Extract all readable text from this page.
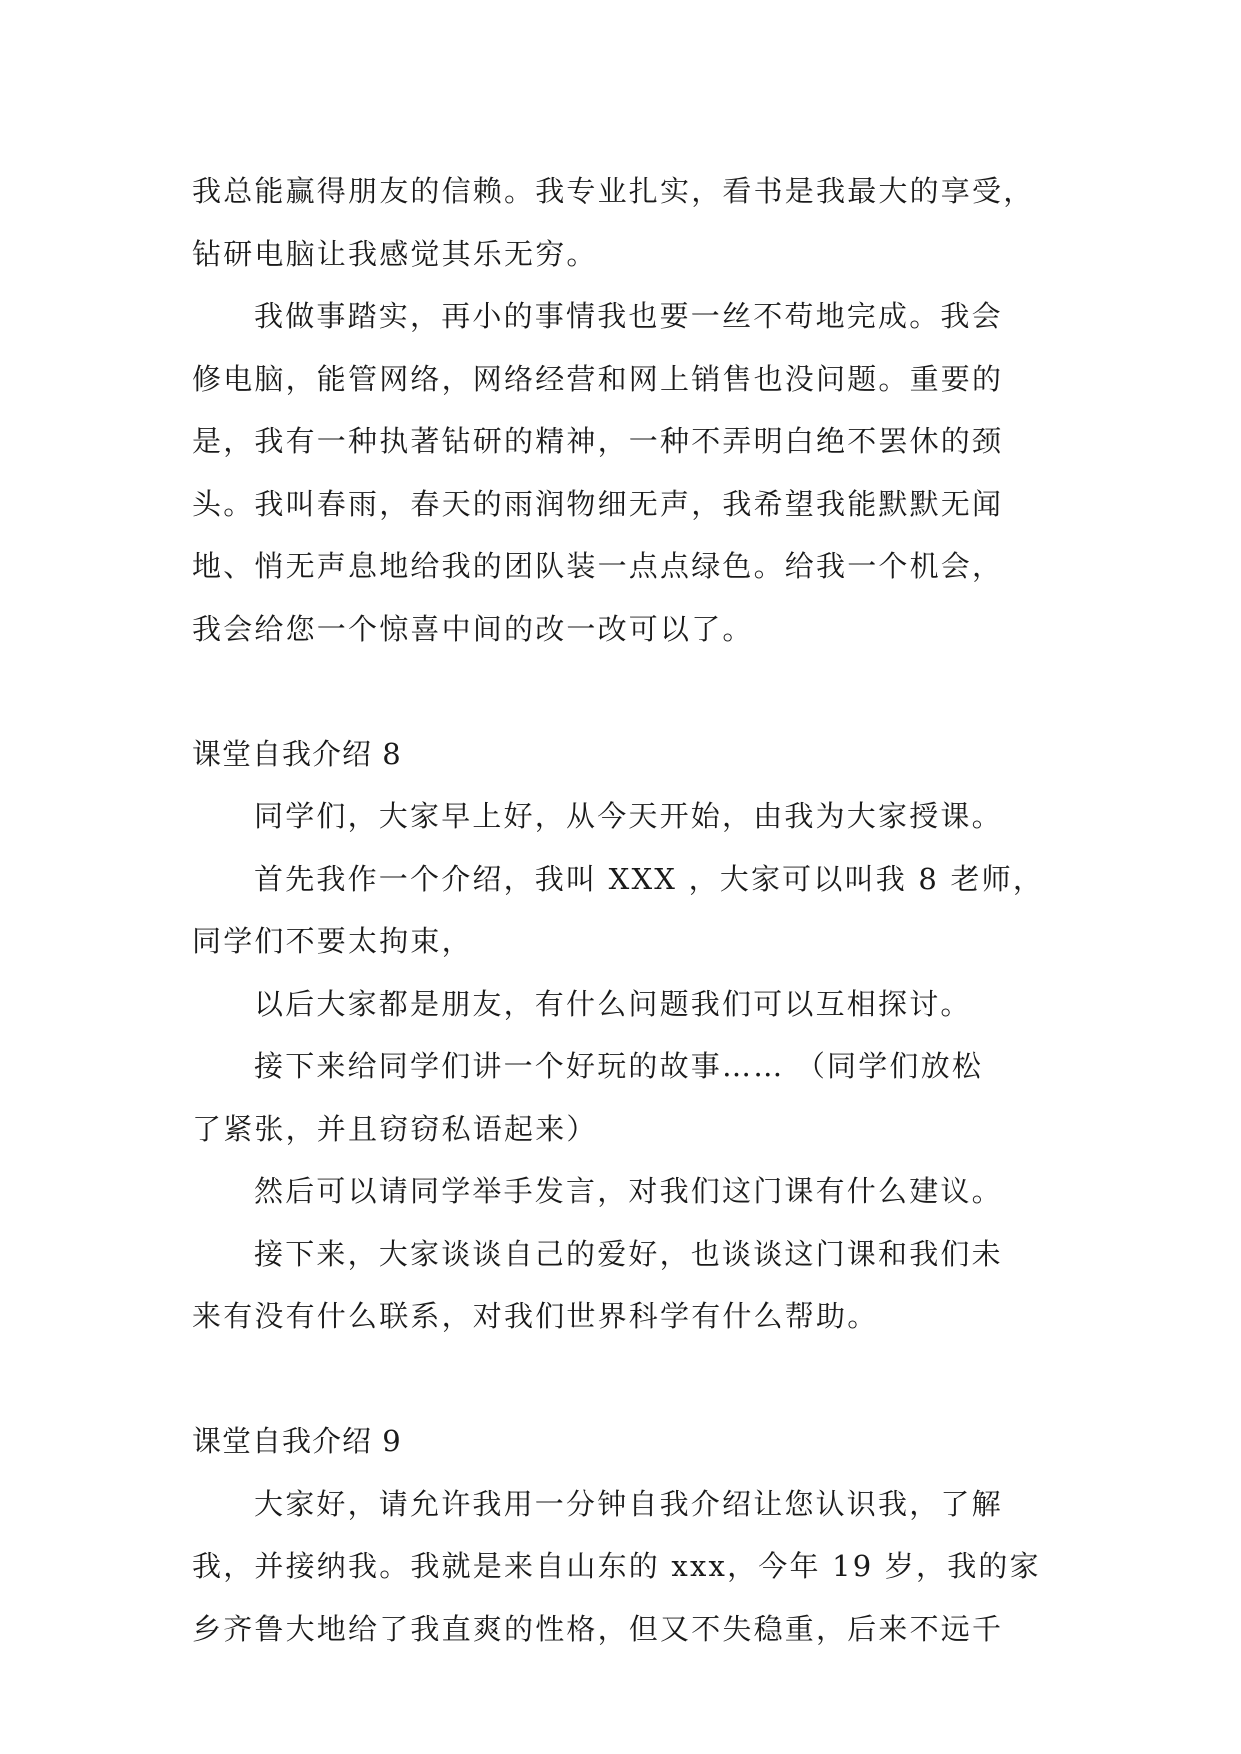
我总能赢得朋友的信赖。我专业扎实，看书是我最大的享受，

钻研电脑让我感觉其乐无穷。

我做事踏实，再小的事情我也要一丝不苟地完成。我会

修电脑，能管网络，网络经营和网上销售也没问题。重要的

是，我有一种执著钻研的精神，一种不弄明白绝不罢休的颈

头。我叫春雨，春天的雨润物细无声，我希望我能默默无闻

地、悄无声息地给我的团队装一点点绿色。给我一个机会，

我会给您一个惊喜中间的改一改可以了。

课堂自我介绍 8

同学们，大家早上好，从今天开始，由我为大家授课。

首先我作一个介绍，我叫 XXX ，大家可以叫我 8 老师，

同学们不要太拘束，

以后大家都是朋友，有什么问题我们可以互相探讨。

接下来给同学们讲一个好玩的故事…… （同学们放松

了紧张，并且窃窃私语起来）

然后可以请同学举手发言，对我们这门课有什么建议。

接下来，大家谈谈自己的爱好，也谈谈这门课和我们未

来有没有什么联系，对我们世界科学有什么帮助。

课堂自我介绍 9

大家好，请允许我用一分钟自我介绍让您认识我，了解

我，并接纳我。我就是来自山东的 xxx，今年 19 岁，我的家

乡齐鲁大地给了我直爽的性格，但又不失稳重，后来不远千
